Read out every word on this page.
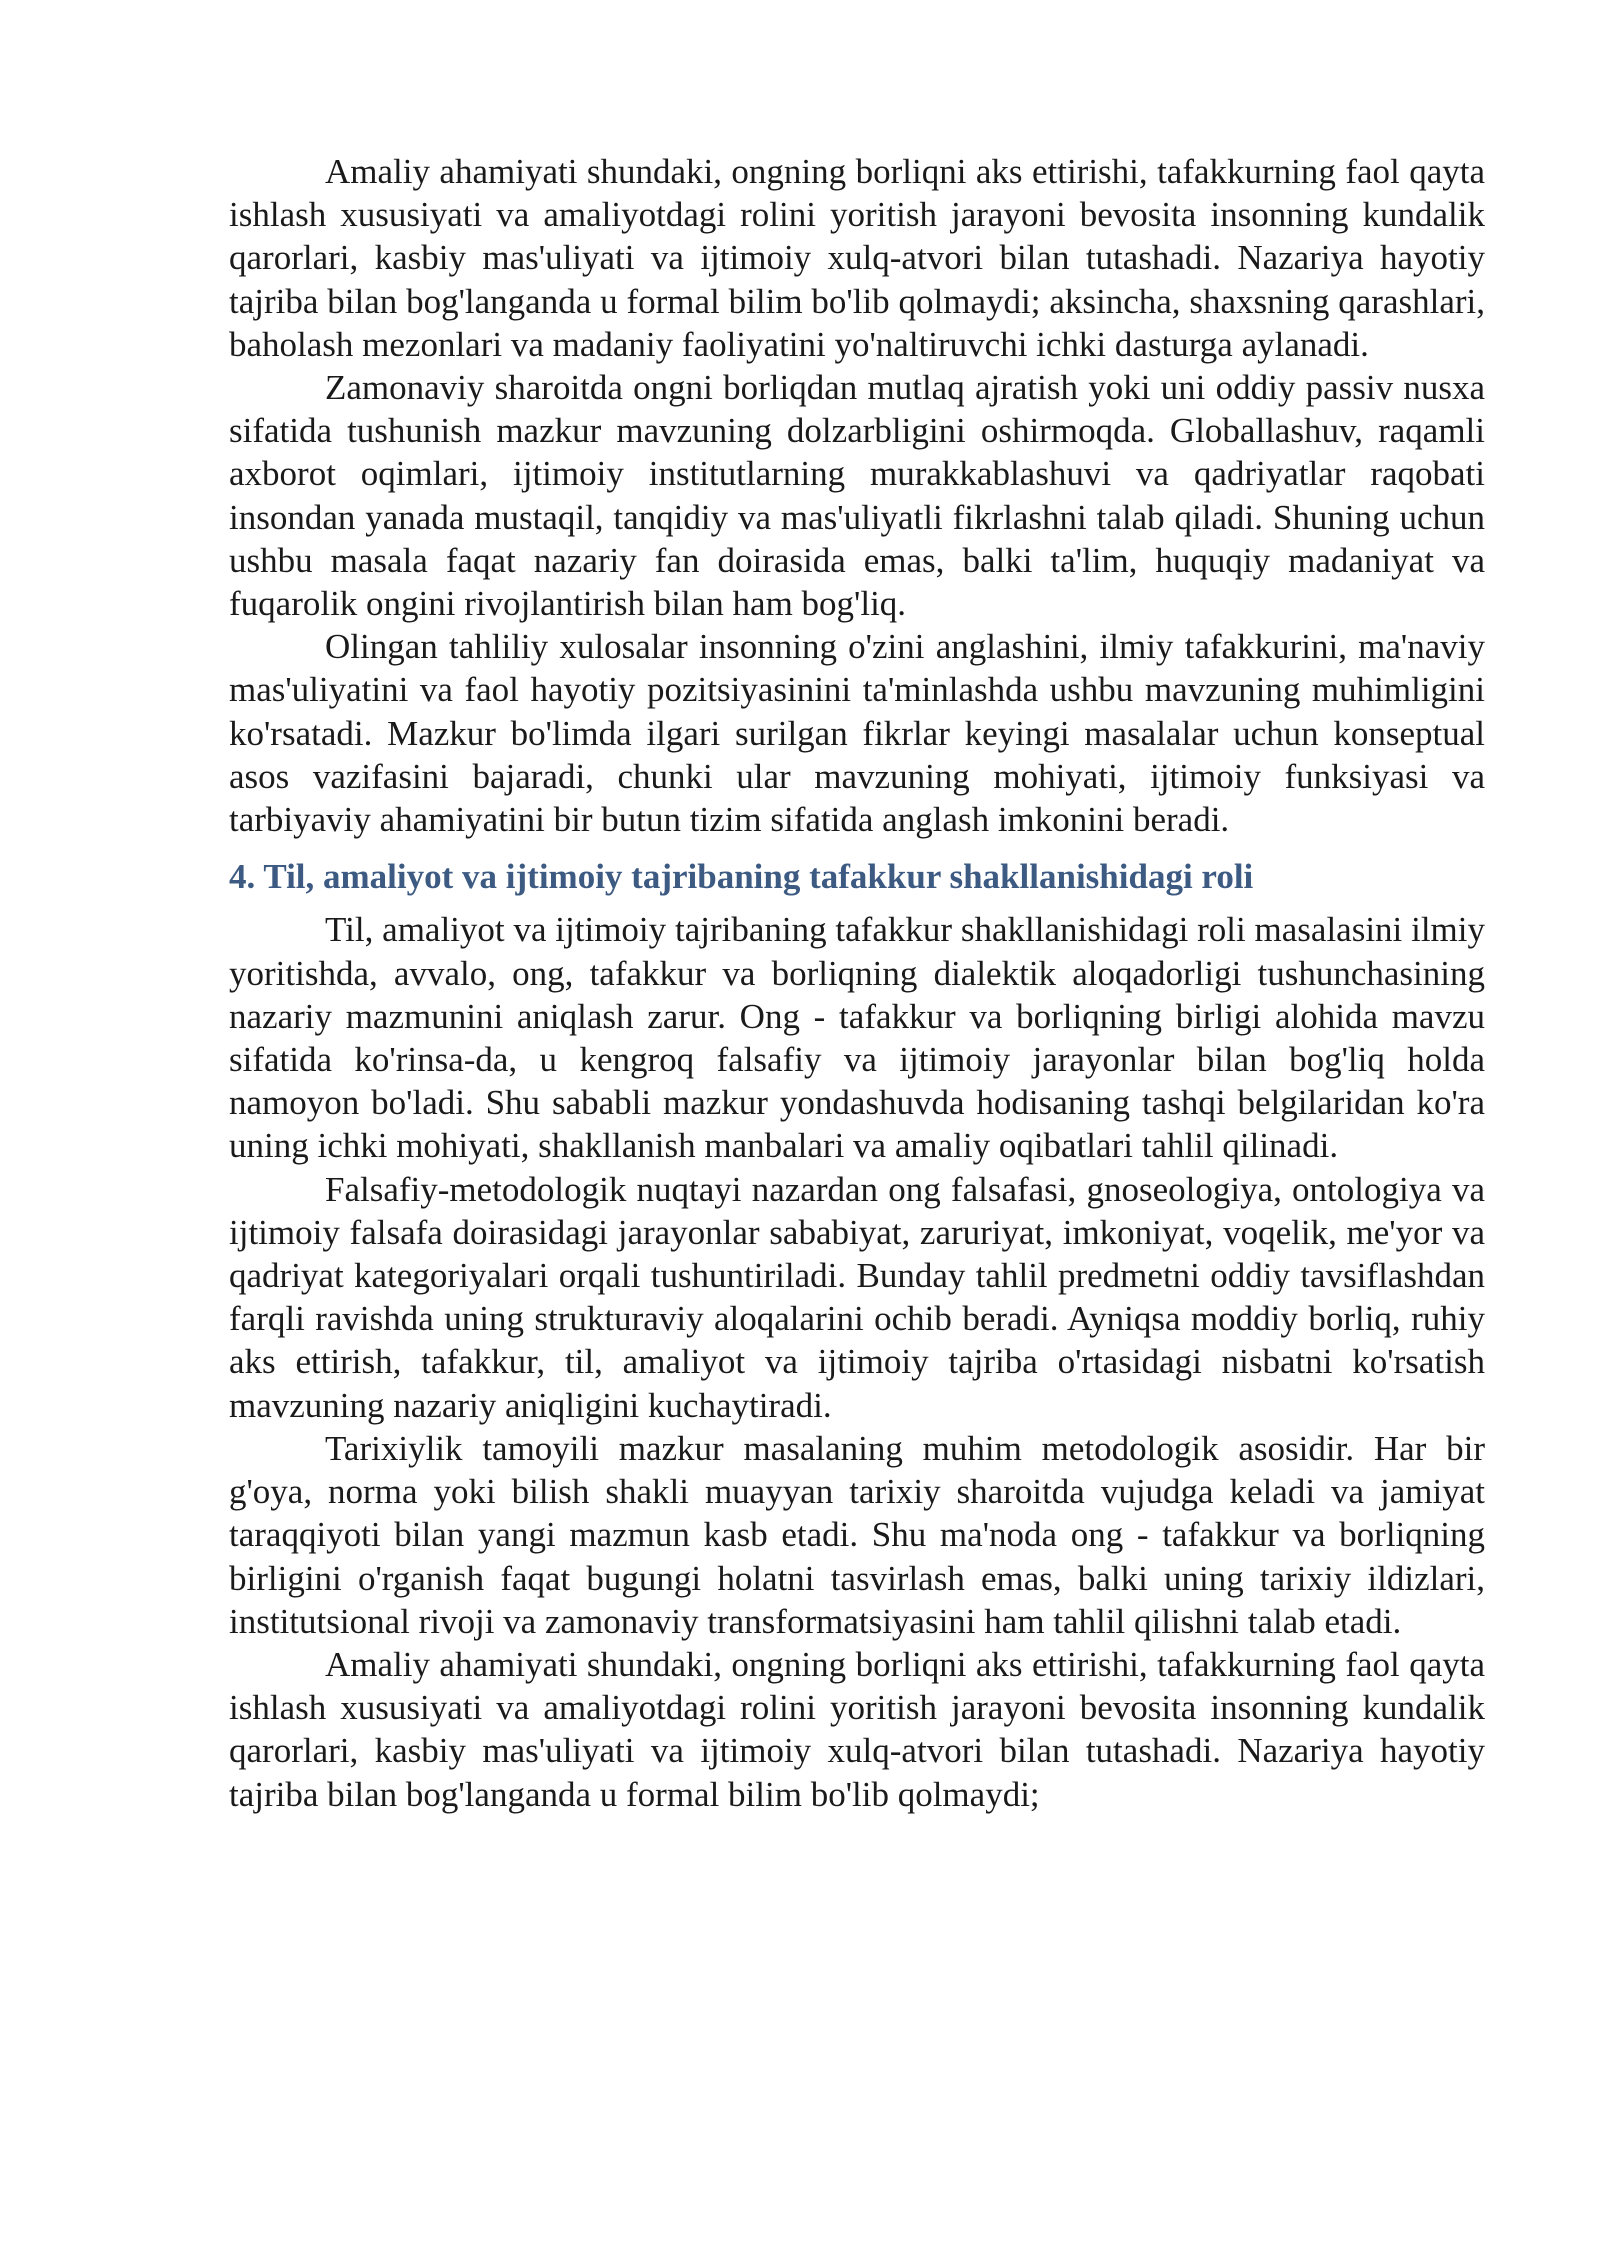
Amaliy ahamiyati shundaki, ongning borliqni aks ettirishi, tafakkurning faol qayta ishlash xususiyati va amaliyotdagi rolini yoritish jarayoni bevosita insonning kundalik qarorlari, kasbiy mas'uliyati va ijtimoiy xulq-atvori bilan tutashadi. Nazariya hayotiy tajriba bilan bog'langanda u formal bilim bo'lib qolmaydi; aksincha, shaxsning qarashlari, baholash mezonlari va madaniy faoliyatini yo'naltiruvchi ichki dasturga aylanadi.

Zamonaviy sharoitda ongni borliqdan mutlaq ajratish yoki uni oddiy passiv nusxa sifatida tushunish mazkur mavzuning dolzarbligini oshirmoqda. Globallashuv, raqamli axborot oqimlari, ijtimoiy institutlarning murakkablashuvi va qadriyatlar raqobati insondan yanada mustaqil, tanqidiy va mas'uliyatli fikrlashni talab qiladi. Shuning uchun ushbu masala faqat nazariy fan doirasida emas, balki ta'lim, huquqiy madaniyat va fuqarolik ongini rivojlantirish bilan ham bog'liq.

Olingan tahliliy xulosalar insonning o'zini anglashini, ilmiy tafakkurini, ma'naviy mas'uliyatini va faol hayotiy pozitsiyasinini ta'minlashda ushbu mavzuning muhimligini ko'rsatadi. Mazkur bo'limda ilgari surilgan fikrlar keyingi masalalar uchun konseptual asos vazifasini bajaradi, chunki ular mavzuning mohiyati, ijtimoiy funksiyasi va tarbiyaviy ahamiyatini bir butun tizim sifatida anglash imkonini beradi.

4. Til, amaliyot va ijtimoiy tajribaning tafakkur shakllanishidagi roli

Til, amaliyot va ijtimoiy tajribaning tafakkur shakllanishidagi roli masalasini ilmiy yoritishda, avvalo, ong, tafakkur va borliqning dialektik aloqadorligi tushunchasining nazariy mazmunini aniqlash zarur. Ong - tafakkur va borliqning birligi alohida mavzu sifatida ko'rinsa-da, u kengroq falsafiy va ijtimoiy jarayonlar bilan bog'liq holda namoyon bo'ladi. Shu sababli mazkur yondashuvda hodisaning tashqi belgilaridan ko'ra uning ichki mohiyati, shakllanish manbalari va amaliy oqibatlari tahlil qilinadi.

Falsafiy-metodologik nuqtayi nazardan ong falsafasi, gnoseologiya, ontologiya va ijtimoiy falsafa doirasidagi jarayonlar sababiyat, zaruriyat, imkoniyat, voqelik, me'yor va qadriyat kategoriyalari orqali tushuntiriladi. Bunday tahlil predmetni oddiy tavsiflashdan farqli ravishda uning strukturaviy aloqalarini ochib beradi. Ayniqsa moddiy borliq, ruhiy aks ettirish, tafakkur, til, amaliyot va ijtimoiy tajriba o'rtasidagi nisbatni ko'rsatish mavzuning nazariy aniqligini kuchaytiradi.

Tarixiylik tamoyili mazkur masalaning muhim metodologik asosidir. Har bir g'oya, norma yoki bilish shakli muayyan tarixiy sharoitda vujudga keladi va jamiyat taraqqiyoti bilan yangi mazmun kasb etadi. Shu ma'noda ong - tafakkur va borliqning birligini o'rganish faqat bugungi holatni tasvirlash emas, balki uning tarixiy ildizlari, institutsional rivoji va zamonaviy transformatsiyasini ham tahlil qilishni talab etadi.

Amaliy ahamiyati shundaki, ongning borliqni aks ettirishi, tafakkurning faol qayta ishlash xususiyati va amaliyotdagi rolini yoritish jarayoni bevosita insonning kundalik qarorlari, kasbiy mas'uliyati va ijtimoiy xulq-atvori bilan tutashadi. Nazariya hayotiy tajriba bilan bog'langanda u formal bilim bo'lib qolmaydi;
